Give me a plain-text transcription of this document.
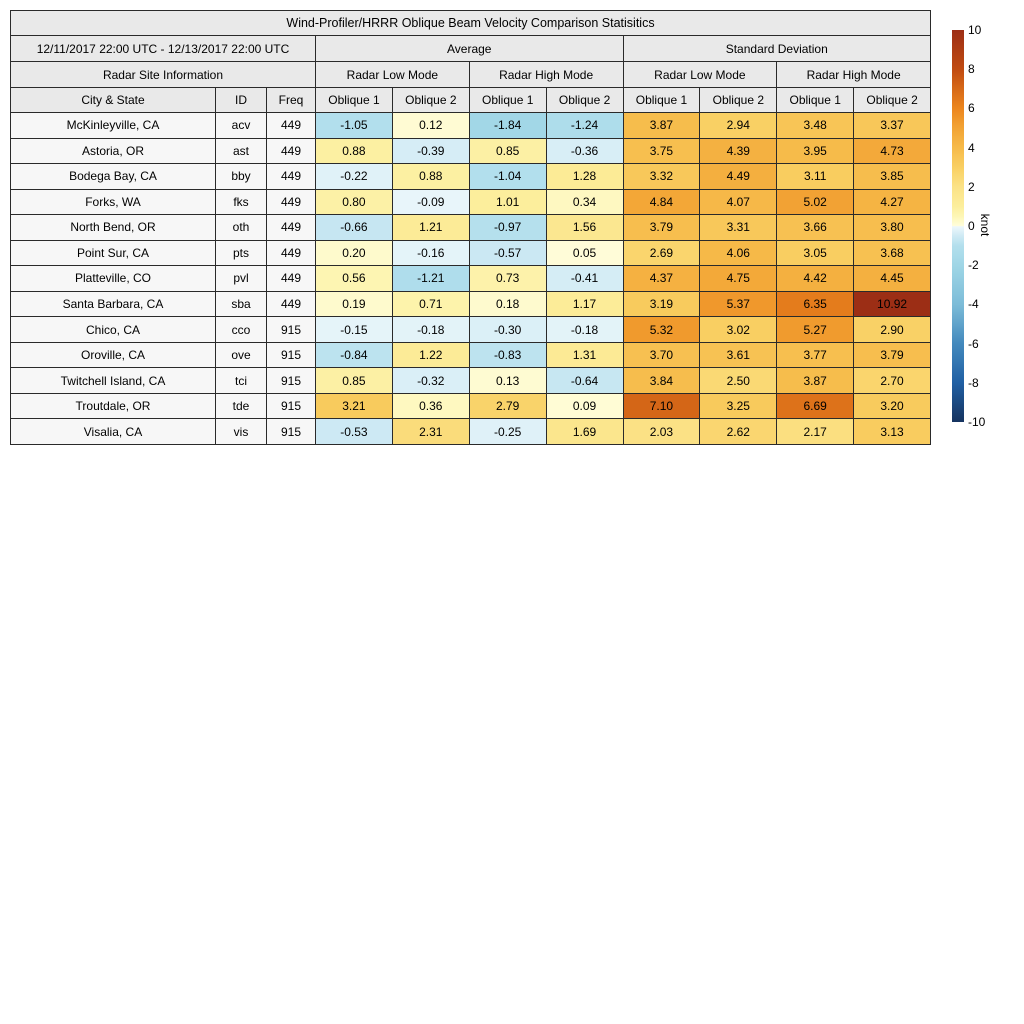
Wind-Profiler/HRRR Oblique Beam Velocity Comparison Statisitics
12/11/2017 22:00 UTC - 12/13/2017 22:00 UTC	Average	Standard Deviation
Radar Site Information	Radar Low Mode	Radar High Mode	Radar Low Mode	Radar High Mode
City & State	ID	Freq	Oblique 1	Oblique 2	Oblique 1	Oblique 2	Oblique 1	Oblique 2	Oblique 1	Oblique 2
McKinleyville, CA	acv	449	-1.05	0.12	-1.84	-1.24	3.87	2.94	3.48	3.37
Astoria, OR	ast	449	0.88	-0.39	0.85	-0.36	3.75	4.39	3.95	4.73
Bodega Bay, CA	bby	449	-0.22	0.88	-1.04	1.28	3.32	4.49	3.11	3.85
Forks, WA	fks	449	0.80	-0.09	1.01	0.34	4.84	4.07	5.02	4.27
North Bend, OR	oth	449	-0.66	1.21	-0.97	1.56	3.79	3.31	3.66	3.80
Point Sur, CA	pts	449	0.20	-0.16	-0.57	0.05	2.69	4.06	3.05	3.68
Platteville, CO	pvl	449	0.56	-1.21	0.73	-0.41	4.37	4.75	4.42	4.45
Santa Barbara, CA	sba	449	0.19	0.71	0.18	1.17	3.19	5.37	6.35	10.92
Chico, CA	cco	915	-0.15	-0.18	-0.30	-0.18	5.32	3.02	5.27	2.90
Oroville, CA	ove	915	-0.84	1.22	-0.83	1.31	3.70	3.61	3.77	3.79
Twitchell Island, CA	tci	915	0.85	-0.32	0.13	-0.64	3.84	2.50	3.87	2.70
Troutdale, OR	tde	915	3.21	0.36	2.79	0.09	7.10	3.25	6.69	3.20
Visalia, CA	vis	915	-0.53	2.31	-0.25	1.69	2.03	2.62	2.17	3.13
10
8
6
4
2
0
-2
-4
-6
-8
-10
knot
